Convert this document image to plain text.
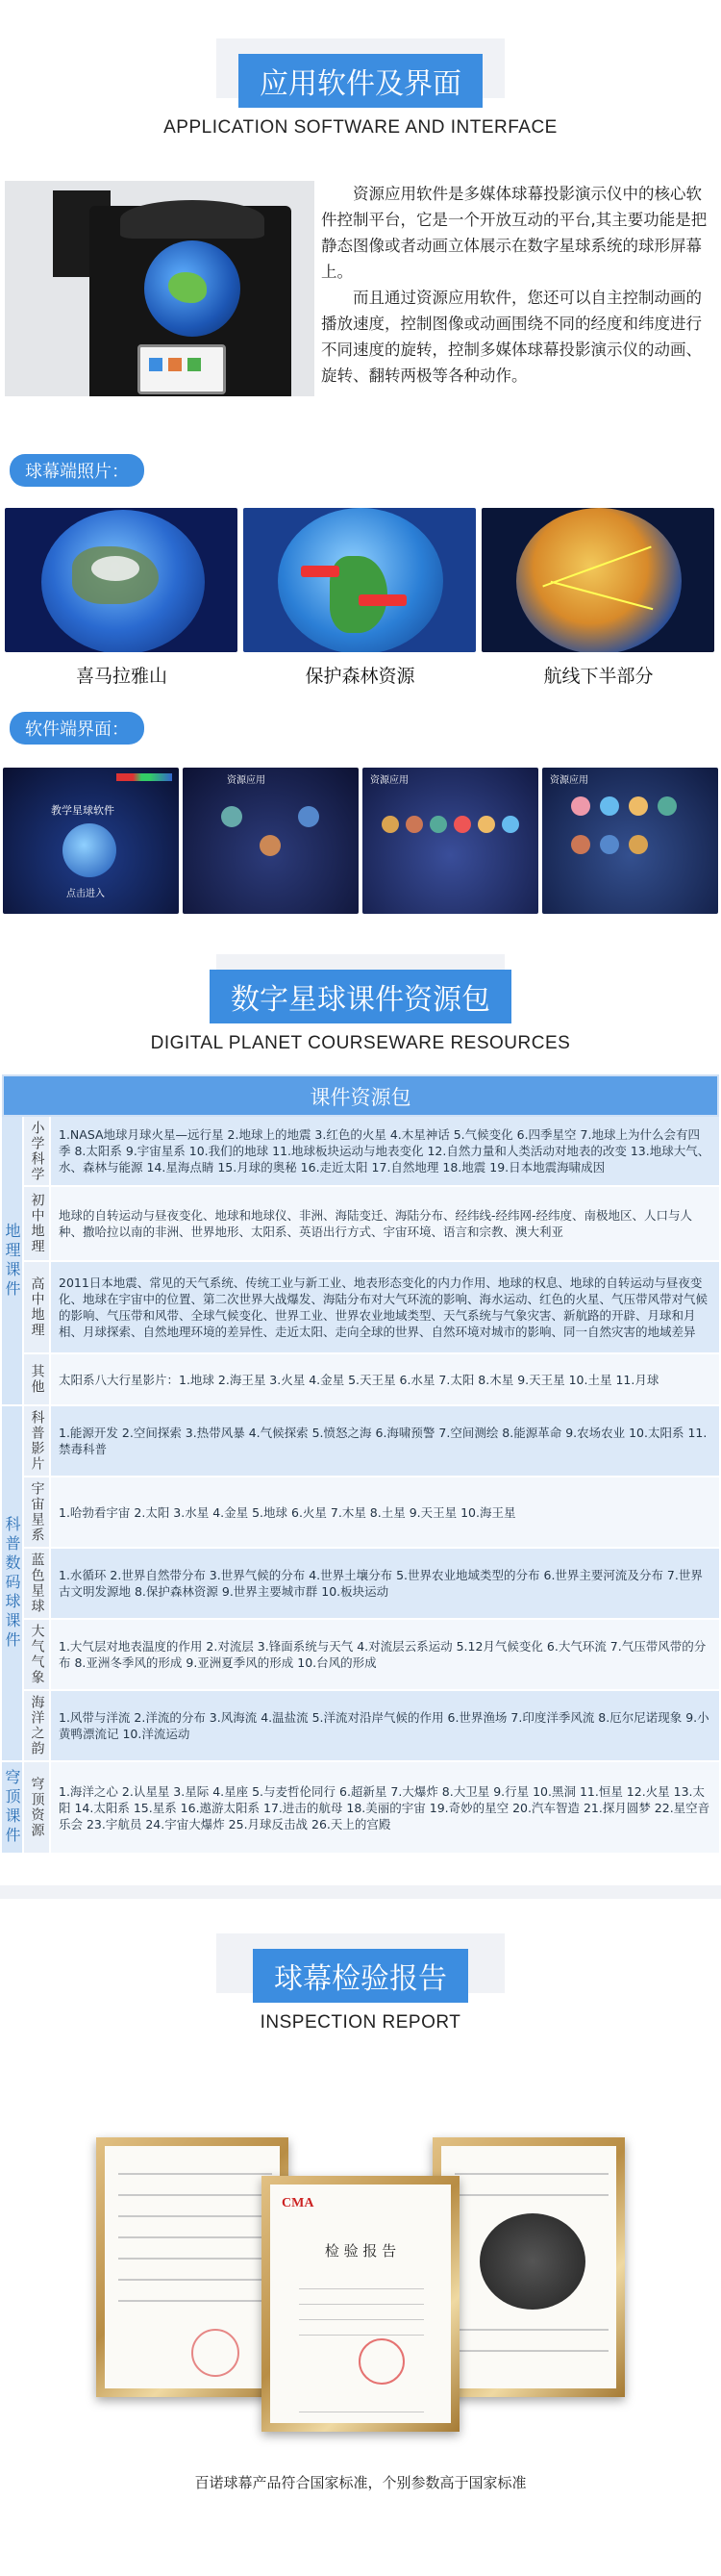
应用软件及界面
APPLICATION SOFTWARE AND INTERFACE

资源应用软件是多媒体球幕投影演示仪中的核心软件控制平台，它是一个开放互动的平台,其主要功能是把静态图像或者动画立体展示在数字星球系统的球形屏幕上。

而且通过资源应用软件，您还可以自主控制动画的播放速度，控制图像或动画围绕不同的经度和纬度进行不同速度的旋转，控制多媒体球幕投影演示仪的动画、旋转、翻转两极等各种动作。

球幕端照片：
喜马拉雅山	保护森林资源	航线下半部分
软件端界面：
教学星球软件
点击进入
资源应用	资源应用	资源应用
数字星球课件资源包
DIGITAL PLANET COURSEWARE RESOURCES
课件资源包
地理课件	小学科学	1.NASA地球月球火星—远行星 2.地球上的地震 3.红色的火星 4.木星神话 5.气候变化 6.四季星空 7.地球上为什么会有四季 8.太阳系 9.宇宙星系 10.我们的地球 11.地球板块运动与地表变化 12.自然力量和人类活动对地表的改变 13.地球大气、水、森林与能源 14.星海点睛 15.月球的奥秘 16.走近太阳 17.自然地理 18.地震 19.日本地震海啸成因
	初中地理	地球的自转运动与昼夜变化、地球和地球仪、非洲、海陆变迁、海陆分布、经纬线-经纬网-经纬度、南极地区、人口与人种、撒哈拉以南的非洲、世界地形、太阳系、英语出行方式、宇宙环境、语言和宗教、澳大利亚
	高中地理	2011日本地震、常见的天气系统、传统工业与新工业、地表形态变化的内力作用、地球的权息、地球的自转运动与昼夜变化、地球在宇宙中的位置、第二次世界大战爆发、海陆分布对大气环流的影响、海水运动、红色的火星、气压带风带对气候的影响、气压带和风带、全球气候变化、世界工业、世界农业地域类型、天气系统与气象灾害、新航路的开辟、月球和月相、月球探索、自然地理环境的差异性、走近太阳、走向全球的世界、自然环境对城市的影响、同一自然灾害的地域差异
	其他	太阳系八大行星影片：1.地球 2.海王星 3.火星 4.金星 5.天王星 6.水星 7.太阳 8.木星 9.天王星 10.土星 11.月球
科普数码球课件	科普影片	1.能源开发 2.空间探索 3.热带风暴 4.气候探索 5.愤怒之海 6.海啸预警 7.空间测绘 8.能源革命 9.农场农业 10.太阳系 11.禁毒科普
	宇宙星系	1.哈勃看宇宙 2.太阳 3.水星 4.金星 5.地球 6.火星 7.木星 8.土星 9.天王星 10.海王星
	蓝色星球	1.水循环 2.世界自然带分布 3.世界气候的分布 4.世界土壤分布 5.世界农业地域类型的分布 6.世界主要河流及分布 7.世界古文明发源地 8.保护森林资源 9.世界主要城市群 10.板块运动
	大气气象	1.大气层对地表温度的作用 2.对流层 3.锋面系统与天气 4.对流层云系运动 5.12月气候变化 6.大气环流 7.气压带风带的分布 8.亚洲冬季风的形成 9.亚洲夏季风的形成 10.台风的形成
	海洋之韵	1.风带与洋流 2.洋流的分布 3.风海流 4.温盐流 5.洋流对沿岸气候的作用 6.世界渔场 7.印度洋季风流 8.厄尔尼诺现象 9.小黄鸭漂流记 10.洋流运动
穹顶课件	穹顶资源	1.海洋之心 2.认星星 3.星际 4.星座 5.与麦哲伦同行 6.超新星 7.大爆炸 8.大卫星 9.行星 10.黑洞 11.恒星 12.火星 13.太阳 14.太阳系 15.星系 16.遨游太阳系 17.进击的航母 18.美丽的宇宙 19.奇妙的星空 20.汽车智造 21.探月圆梦 22.星空音乐会 23.宇航员 24.宇宙大爆炸 25.月球反击战 26.天上的宫殿
球幕检验报告
INSPECTION REPORT
CMA
检 验 报 告
百诺球幕产品符合国家标准，个别参数高于国家标准
